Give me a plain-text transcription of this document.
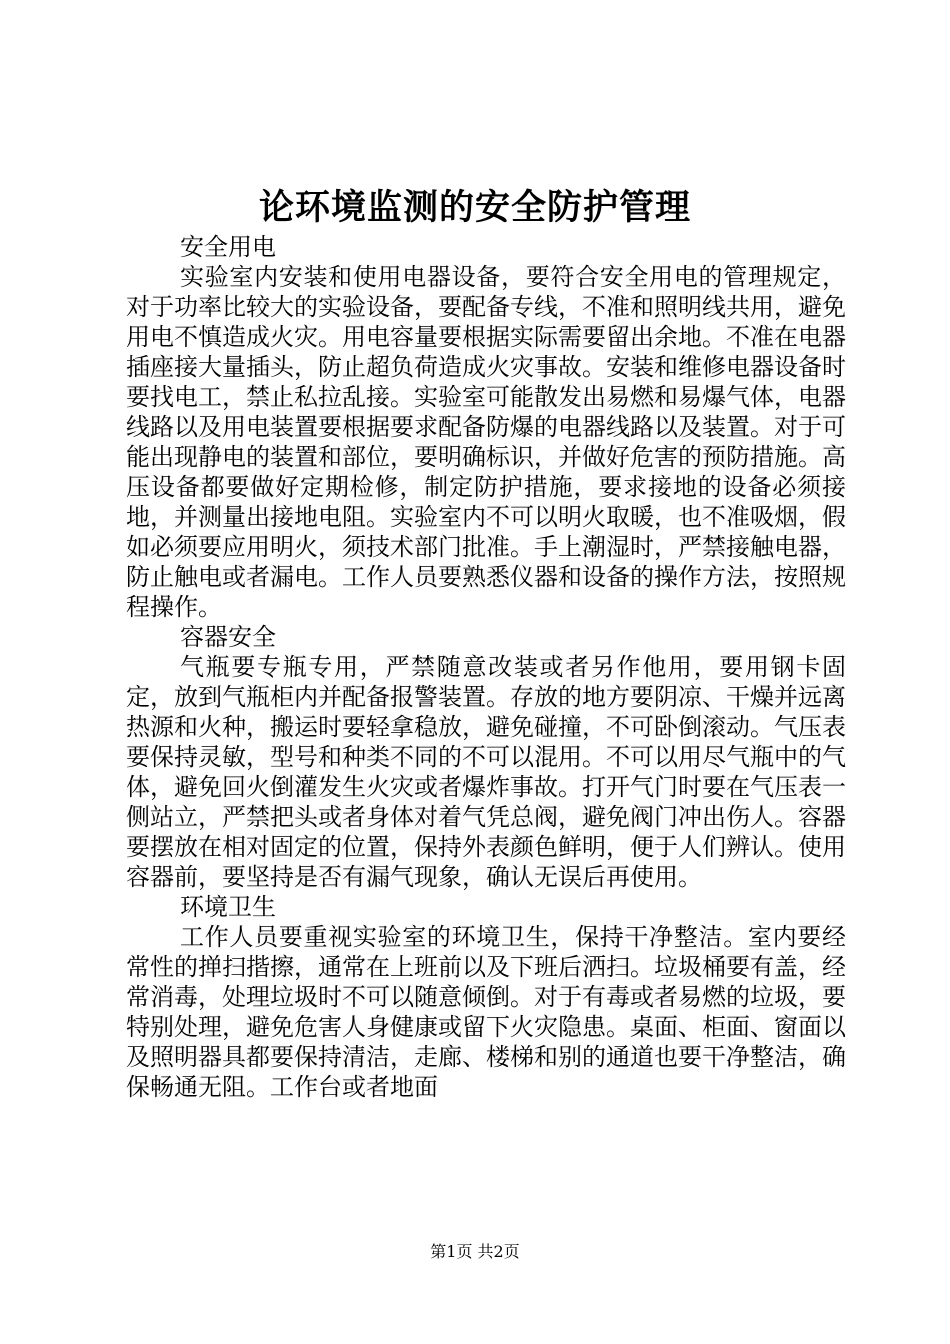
论环境监测的安全防护管理

安全用电

实验室内安装和使用电器设备，要符合安全用电的管理规定，对于功率比较大的实验设备，要配备专线，不准和照明线共用，避免用电不慎造成火灾。用电容量要根据实际需要留出余地。不准在电器插座接大量插头，防止超负荷造成火灾事故。安装和维修电器设备时要找电工，禁止私拉乱接。实验室可能散发出易燃和易爆气体，电器线路以及用电装置要根据要求配备防爆的电器线路以及装置。对于可能出现静电的装置和部位，要明确标识，并做好危害的预防措施。高压设备都要做好定期检修，制定防护措施，要求接地的设备必须接地，并测量出接地电阻。实验室内不可以明火取暖，也不准吸烟，假如必须要应用明火，须技术部门批准。手上潮湿时，严禁接触电器，防止触电或者漏电。工作人员要熟悉仪器和设备的操作方法，按照规程操作。

容器安全

气瓶要专瓶专用，严禁随意改装或者另作他用，要用钢卡固定，放到气瓶柜内并配备报警装置。存放的地方要阴凉、干燥并远离热源和火种，搬运时要轻拿稳放，避免碰撞，不可卧倒滚动。气压表要保持灵敏，型号和种类不同的不可以混用。不可以用尽气瓶中的气体，避免回火倒灌发生火灾或者爆炸事故。打开气门时要在气压表一侧站立，严禁把头或者身体对着气凭总阀，避免阀门冲出伤人。容器要摆放在相对固定的位置，保持外表颜色鲜明，便于人们辨认。使用容器前，要坚持是否有漏气现象，确认无误后再使用。

环境卫生

工作人员要重视实验室的环境卫生，保持干净整洁。室内要经常性的掸扫揩擦，通常在上班前以及下班后洒扫。垃圾桶要有盖，经常消毒，处理垃圾时不可以随意倾倒。对于有毒或者易燃的垃圾，要特别处理，避免危害人身健康或留下火灾隐患。桌面、柜面、窗面以及照明器具都要保持清洁，走廊、楼梯和别的通道也要干净整洁，确保畅通无阻。工作台或者地面

第1页 共2页
